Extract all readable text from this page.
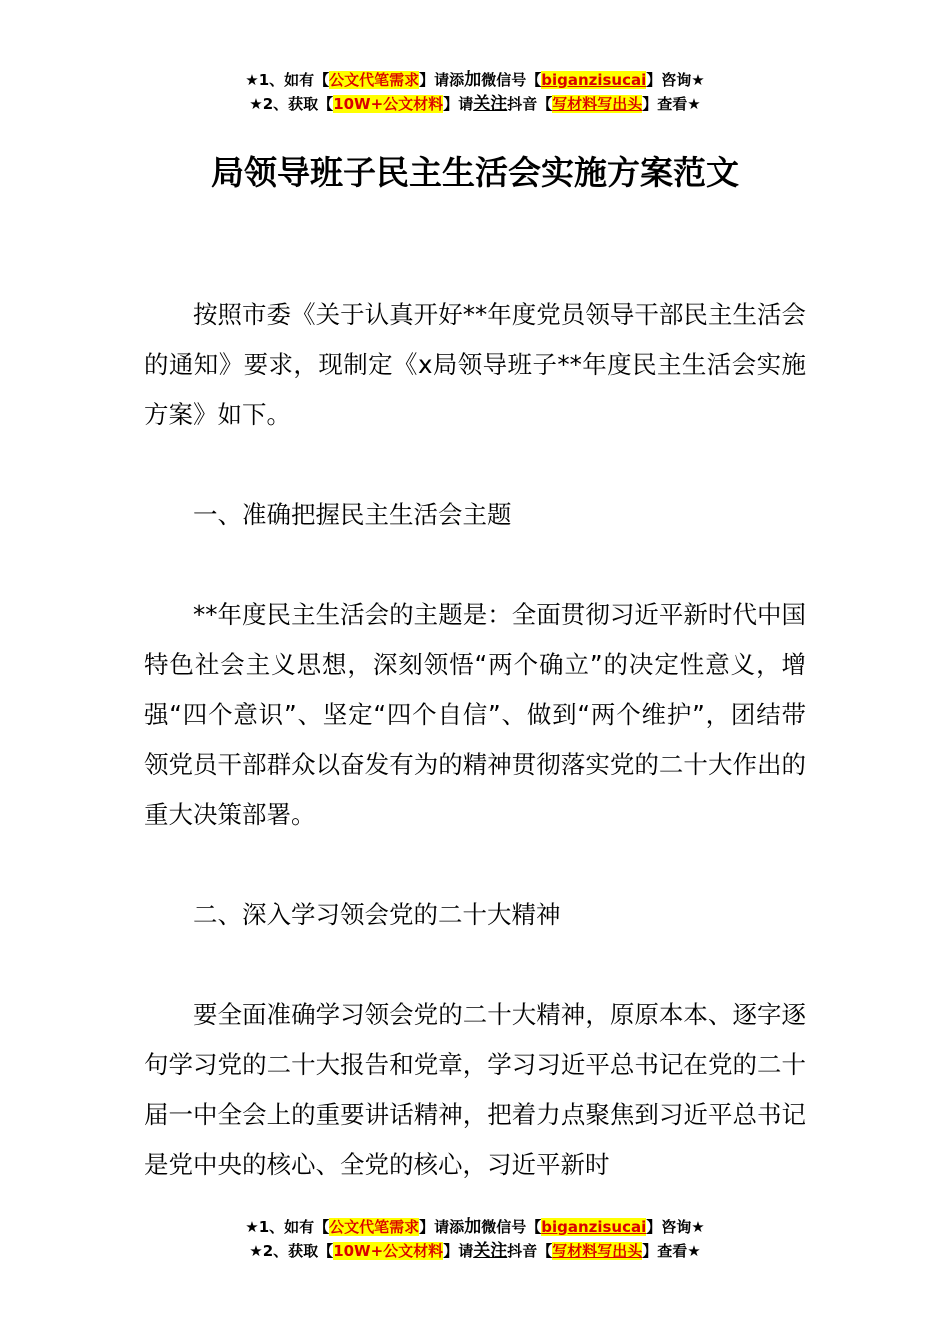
★1、如有【公文代笔需求】请添加微信号【biganzisucai】咨询★
★2、获取【10W+公文材料】请关注抖音【写材料写出头】查看★
局领导班子民主生活会实施方案范文

按照市委《关于认真开好**年度党员领导干部民主生活会的通知》要求，现制定《x局领导班子**年度民主生活会实施方案》如下。

一、准确把握民主生活会主题

**年度民主生活会的主题是：全面贯彻习近平新时代中国特色社会主义思想，深刻领悟“两个确立”的决定性意义，增强“四个意识”、坚定“四个自信”、做到“两个维护”，团结带领党员干部群众以奋发有为的精神贯彻落实党的二十大作出的重大决策部署。

二、深入学习领会党的二十大精神

要全面准确学习领会党的二十大精神，原原本本、逐字逐句学习党的二十大报告和党章，学习习近平总书记在党的二十届一中全会上的重要讲话精神，把着力点聚焦到习近平总书记是党中央的核心、全党的核心，习近平新时

★1、如有【公文代笔需求】请添加微信号【biganzisucai】咨询★
★2、获取【10W+公文材料】请关注抖音【写材料写出头】查看★
